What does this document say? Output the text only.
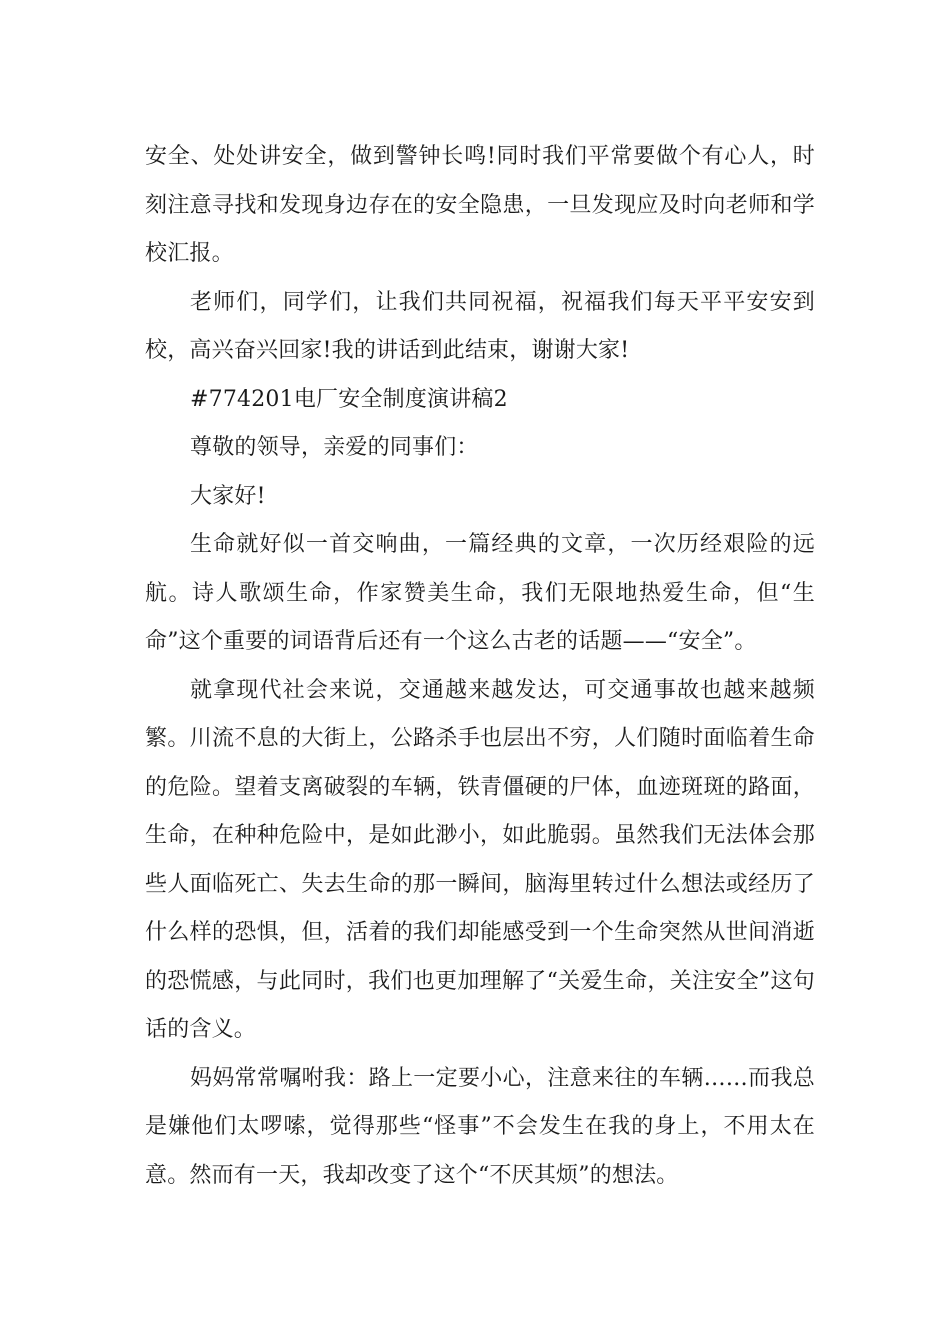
安全、处处讲安全，做到警钟长鸣!同时我们平常要做个有心人，时刻注意寻找和发现身边存在的安全隐患，一旦发现应及时向老师和学校汇报。

老师们，同学们，让我们共同祝福，祝福我们每天平平安安到校，高兴奋兴回家!我的讲话到此结束，谢谢大家!

#774201电厂安全制度演讲稿2

尊敬的领导，亲爱的同事们：

大家好!

生命就好似一首交响曲，一篇经典的文章，一次历经艰险的远航。诗人歌颂生命，作家赞美生命，我们无限地热爱生命，但“生命”这个重要的词语背后还有一个这么古老的话题——“安全”。

就拿现代社会来说，交通越来越发达，可交通事故也越来越频繁。川流不息的大街上，公路杀手也层出不穷，人们随时面临着生命的危险。望着支离破裂的车辆，铁青僵硬的尸体，血迹斑斑的路面，生命，在种种危险中，是如此渺小，如此脆弱。虽然我们无法体会那些人面临死亡、失去生命的那一瞬间，脑海里转过什么想法或经历了什么样的恐惧，但，活着的我们却能感受到一个生命突然从世间消逝的恐慌感，与此同时，我们也更加理解了“关爱生命，关注安全”这句话的含义。

妈妈常常嘱咐我：路上一定要小心，注意来往的车辆……而我总是嫌他们太啰嗦，觉得那些“怪事”不会发生在我的身上，不用太在意。然而有一天，我却改变了这个“不厌其烦”的想法。
